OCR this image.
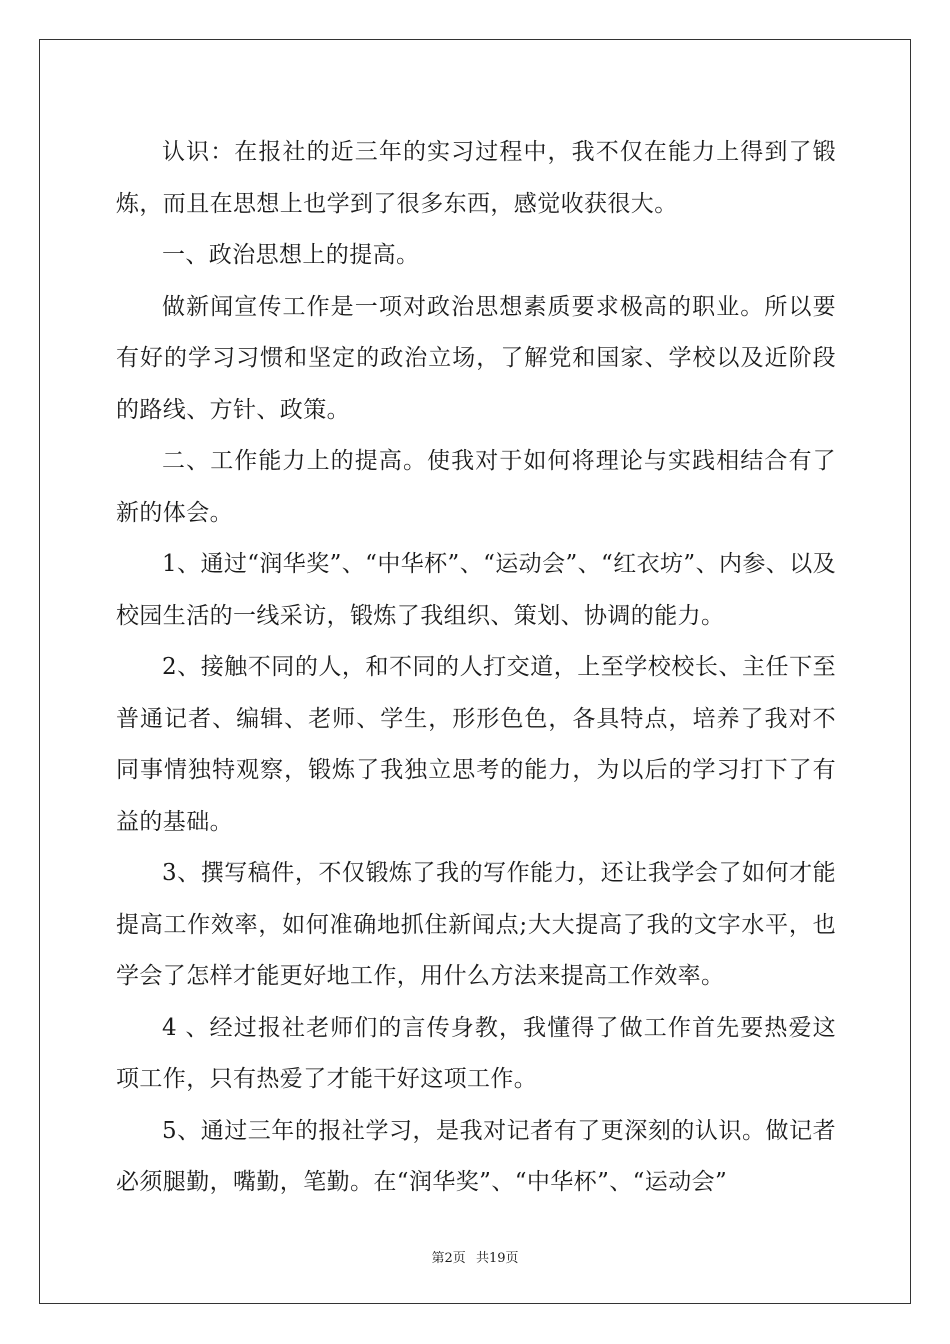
认识：在报社的近三年的实习过程中，我不仅在能力上得到了锻炼，而且在思想上也学到了很多东西，感觉收获很大。

一、政治思想上的提高。

做新闻宣传工作是一项对政治思想素质要求极高的职业。所以要有好的学习习惯和坚定的政治立场，了解党和国家、学校以及近阶段的路线、方针、政策。

二、工作能力上的提高。使我对于如何将理论与实践相结合有了新的体会。

1、通过“润华奖”、“中华杯”、“运动会”、“红衣坊”、内参、以及校园生活的一线采访，锻炼了我组织、策划、协调的能力。

2、接触不同的人，和不同的人打交道，上至学校校长、主任下至普通记者、编辑、老师、学生，形形色色，各具特点，培养了我对不同事情独特观察，锻炼了我独立思考的能力，为以后的学习打下了有益的基础。

3、撰写稿件，不仅锻炼了我的写作能力，还让我学会了如何才能提高工作效率，如何准确地抓住新闻点;大大提高了我的文字水平，也学会了怎样才能更好地工作，用什么方法来提高工作效率。

4 、经过报社老师们的言传身教，我懂得了做工作首先要热爱这项工作，只有热爱了才能干好这项工作。

5、通过三年的报社学习，是我对记者有了更深刻的认识。做记者必须腿勤，嘴勤，笔勤。在“润华奖”、“中华杯”、“运动会”

第2页 共19页
